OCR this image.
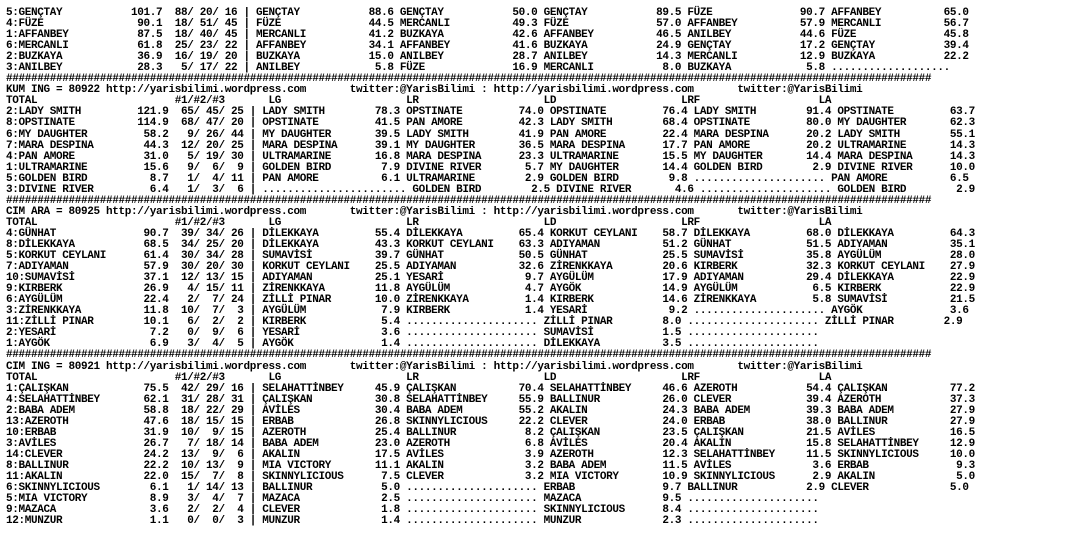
5:GENÇTAY           101.7  88/ 20/ 16 | GENÇTAY           88.6 GENÇTAY           50.0 GENÇTAY           89.5 FÜZE              90.7 AFFANBEY          65.0
4:FÜZE               90.1  18/ 51/ 45 | FÜZE              44.5 MERCANLI          49.3 FÜZE              57.0 AFFANBEY          57.9 MERCANLI          56.7
1:AFFANBEY           87.5  18/ 40/ 45 | MERCANLI          41.2 BUZKAYA           42.6 AFFANBEY          46.5 ANILBEY           44.6 FÜZE              45.8
6:MERCANLI           61.8  25/ 23/ 22 | AFFANBEY          34.1 AFFANBEY          41.6 BUZKAYA           24.9 GENÇTAY           17.2 GENÇTAY           39.4
2:BUZKAYA            36.9  16/ 19/ 20 | BUZKAYA           15.0 ANILBEY           28.7 ANILBEY           14.3 MERCANLI          12.9 BUZKAYA           22.2
3:ANILBEY            28.3   5/ 17/ 22 | ANILBEY            5.8 FÜZE              16.9 MERCANLI           8.0 BUZKAYA            5.8 ...................
####################################################################################################################################################
KUM ING = 80922 http://yarisbilimi.wordpress.com       twitter:@YarisBilimi : http://yarisbilimi.wordpress.com       twitter:@YarisBilimi
TOTAL                      #1/#2/#3       LG                    LR                    LD                    LRF                   LA
2:LADY SMITH         121.9  65/ 45/ 25 | LADY SMITH        78.3 OPSTINATE         74.0 OPSTINATE         76.4 LADY SMITH        91.4 OPSTINATE         63.7
8:OPSTINATE          114.9  68/ 47/ 20 | OPSTINATE         41.5 PAN AMORE         42.3 LADY SMITH        68.4 OPSTINATE         80.0 MY DAUGHTER       62.3
6:MY DAUGHTER         58.2   9/ 26/ 44 | MY DAUGHTER       39.5 LADY SMITH        41.9 PAN AMORE         22.4 MARA DESPINA      20.2 LADY SMITH        55.1
7:MARA DESPINA        44.3  12/ 20/ 25 | MARA DESPINA      39.1 MY DAUGHTER       36.5 MARA DESPINA      17.7 PAN AMORE         20.2 ULTRAMARINE       14.3
4:PAN AMORE           31.0   5/ 19/ 30 | ULTRAMARINE       16.8 MARA DESPINA      23.3 ULTRAMARINE       15.5 MY DAUGHTER       14.4 MARA DESPINA      14.3
1:ULTRAMARINE         15.6   9/  6/  9 | GOLDEN BIRD        7.9 DIVINE RIVER       5.7 MY DAUGHTER       14.4 GOLDEN BIRD        2.9 DIVINE RIVER      10.0
5:GOLDEN BIRD          8.7   1/  4/ 11 | PAN AMORE          6.1 ULTRAMARINE        2.9 GOLDEN BIRD        9.8 ..................... PAN AMORE          6.5
3:DIVINE RIVER         6.4   1/  3/  6 | ....................... GOLDEN BIRD        2.5 DIVINE RIVER       4.6 ..................... GOLDEN BIRD        2.9
####################################################################################################################################################
CIM ARA = 80925 http://yarisbilimi.wordpress.com       twitter:@YarisBilimi : http://yarisbilimi.wordpress.com       twitter:@YarisBilimi
TOTAL                      #1/#2/#3       LG                    LR                    LD                    LRF                   LA
4:GÜNHAT              90.7  39/ 34/ 26 | DİLEKKAYA         55.4 DİLEKKAYA         65.4 KORKUT CEYLANI    58.7 DİLEKKAYA         68.0 DİLEKKAYA         64.3
8:DİLEKKAYA           68.5  34/ 25/ 20 | DİLEKKAYA         43.3 KORKUT CEYLANI    63.3 ADIYAMAN          51.2 GÜNHAT            51.5 ADIYAMAN          35.1
5:KORKUT CEYLANI      61.4  30/ 34/ 28 | SUMAVİSİ          39.7 GÜNHAT            50.5 GÜNHAT            25.5 SUMAVİSİ          35.8 AYGÜLÜM           28.0
7:ADIYAMAN            57.9  30/ 20/ 30 | KORKUT CEYLANI    25.5 ADIYAMAN          32.6 ZİRENKKAYA        20.6 KIRBERK           32.3 KORKUT CEYLANI    27.9
10:SUMAVİSİ           37.1  12/ 13/ 15 | ADIYAMAN          25.1 YESARİ             9.7 AYGÜLÜM           17.9 ADIYAMAN          29.4 DİLEKKAYA         22.9
9:KIRBERK             26.9   4/ 15/ 11 | ZİRENKKAYA        11.8 AYGÜLÜM            4.7 AYGÖK             14.9 AYGÜLÜM            6.5 KIRBERK           22.9
6:AYGÜLÜM             22.4   2/  7/ 24 | ZİLLİ PINAR       10.0 ZİRENKKAYA         1.4 KIRBERK           14.6 ZİRENKKAYA         5.8 SUMAVİSİ          21.5
3:ZİRENKKAYA          11.8  10/  7/  3 | AYGÜLÜM            7.9 KIRBERK            1.4 YESARİ             9.2 ..................... AYGÖK              3.6
11:ZİLLİ PINAR        10.1   6/  2/  2 | KIRBERK            5.4 ..................... ZİLLİ PINAR        8.0 ..................... ZİLLİ PINAR        2.9
2:YESARİ               7.2   0/  9/  6 | YESARİ             3.6 ..................... SUMAVİSİ           1.5 .....................
1:AYGÖK                6.9   3/  4/  5 | AYGÖK              1.4 ..................... DİLEKKAYA          3.5 .....................
####################################################################################################################################################
CIM ING = 80921 http://yarisbilimi.wordpress.com       twitter:@YarisBilimi : http://yarisbilimi.wordpress.com       twitter:@YarisBilimi
TOTAL                      #1/#2/#3       LG                    LR                    LD                    LRF                   LA
1:ÇALIŞKAN            75.5  42/ 29/ 16 | SELAHATTİNBEY     45.9 ÇALIŞKAN          70.4 SELAHATTİNBEY     46.6 AZEROTH           54.4 ÇALIŞKAN          77.2
4:SELAHATTİNBEY       62.1  31/ 28/ 31 | ÇALIŞKAN          30.8 SELAHATTİNBEY     55.9 BALLINUR          26.0 CLEVER            39.4 AZEROTH           37.3
2:BABA ADEM           58.8  18/ 22/ 29 | AVİLES            30.4 BABA ADEM         55.2 AKALIN            24.3 BABA ADEM         39.3 BABA ADEM         27.9
13:AZEROTH            47.6  18/ 15/ 15 | ERBAB             26.8 SKINNYLICIOUS     22.2 CLEVER            24.0 ERBAB             38.0 BALLINUR          27.9
10:ERBAB              31.9  10/  9/ 15 | AZEROTH           25.4 BALLINUR           8.2 ÇALIŞKAN          23.5 ÇALIŞKAN          21.5 AVİLES            16.5
3:AVİLES              26.7   7/ 18/ 14 | BABA ADEM         23.0 AZEROTH            6.8 AVİLES            20.4 AKALIN            15.8 SELAHATTİNBEY     12.9
14:CLEVER             24.2  13/  9/  6 | AKALIN            17.5 AVİLES             3.9 AZEROTH           12.3 SELAHATTİNBEY     11.5 SKINNYLICIOUS     10.0
8:BALLINUR            22.2  10/ 13/  9 | MIA VICTORY       11.1 AKALIN             3.2 BABA ADEM         11.5 AVİLES             3.6 ERBAB              9.3
11:AKALIN             22.0  15/  7/  8 | SKINNYLICIOUS      7.5 CLEVER             3.2 MIA VICTORY       10.9 SKINNYLICIOUS      2.9 AKALIN             5.0
6:SKINNYLICIOUS        6.1   1/ 14/ 13 | BALLINUR           5.0 ..................... ERBAB              9.7 BALLINUR           2.9 CLEVER             5.0
5:MIA VICTORY          8.9   3/  4/  7 | MAZACA             2.5 ..................... MAZACA             9.5 .....................
9:MAZACA               3.6   2/  2/  4 | CLEVER             1.8 ..................... SKINNYLICIOUS      8.4 .....................
12:MUNZUR              1.1   0/  0/  3 | MUNZUR             1.4 ..................... MUNZUR             2.3 .....................
